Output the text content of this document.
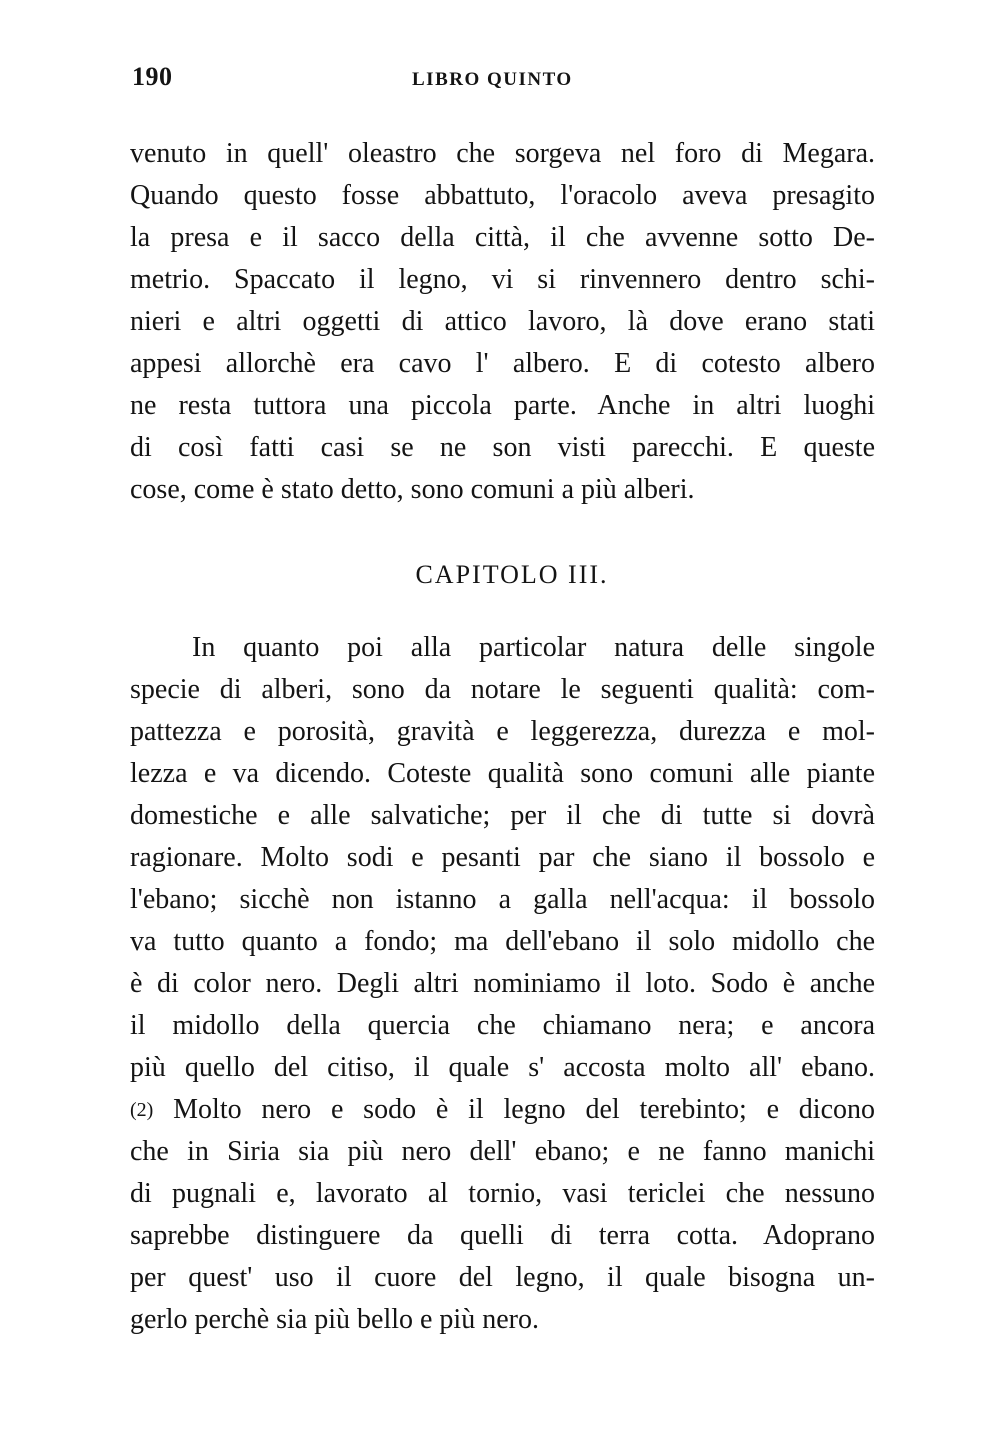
190	LIBRO QUINTO
venuto in quell' oleastro che sorgeva nel foro di Megara.
Quando questo fosse abbattuto, l'oracolo aveva presagito
la presa e il sacco della città, il che avvenne sotto De-
metrio. Spaccato il legno, vi si rinvennero dentro schi-
nieri e altri oggetti di attico lavoro, là dove erano stati
appesi allorchè era cavo l' albero. E di cotesto albero
ne resta tuttora una piccola parte. Anche in altri luoghi
di così fatti casi se ne son visti parecchi. E queste
cose, come è stato detto, sono comuni a più alberi.
CAPITOLO III.
In quanto poi alla particolar natura delle singole
specie di alberi, sono da notare le seguenti qualità: com-
pattezza e porosità, gravità e leggerezza, durezza e mol-
lezza e va dicendo. Coteste qualità sono comuni alle piante
domestiche e alle salvatiche; per il che di tutte si dovrà
ragionare. Molto sodi e pesanti par che siano il bossolo e
l'ebano; sicchè non istanno a galla nell'acqua: il bossolo
va tutto quanto a fondo; ma dell'ebano il solo midollo che
è di color nero. Degli altri nominiamo il loto. Sodo è anche
il midollo della quercia che chiamano nera; e ancora
più quello del citiso, il quale s' accosta molto all' ebano.
(2) Molto nero e sodo è il legno del terebinto; e dicono
che in Siria sia più nero dell' ebano; e ne fanno manichi
di pugnali e, lavorato al tornio, vasi tericlei che nessuno
saprebbe distinguere da quelli di terra cotta. Adoprano
per quest' uso il cuore del legno, il quale bisogna un-
gerlo perchè sia più bello e più nero.
